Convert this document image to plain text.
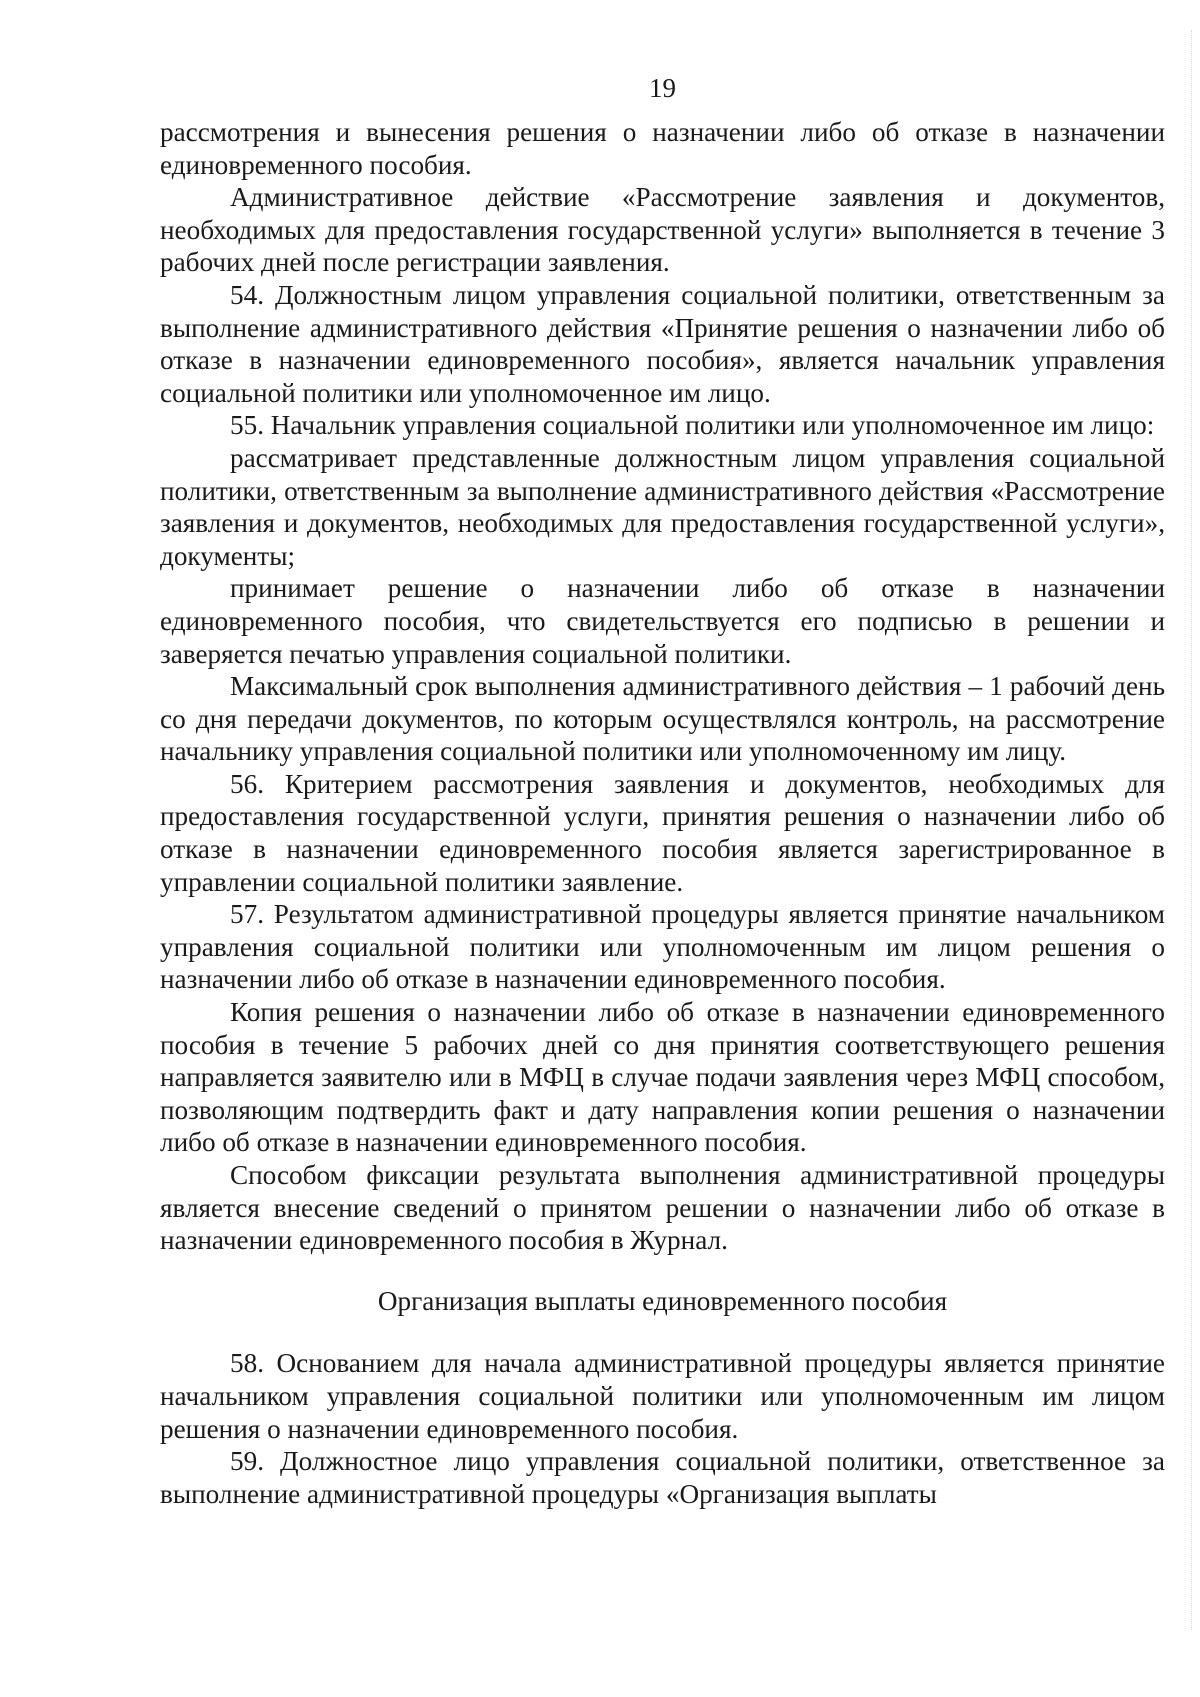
19

рассмотрения и вынесения решения о назначении либо об отказе в назначении единовременного пособия.

Административное действие «Рассмотрение заявления и документов, необходимых для предоставления государственной услуги» выполняется в течение 3 рабочих дней после регистрации заявления.

54. Должностным лицом управления социальной политики, ответственным за выполнение административного действия «Принятие решения о назначении либо об отказе в назначении единовременного пособия», является начальник управления социальной политики или уполномоченное им лицо.

55. Начальник управления социальной политики или уполномоченное им лицо:

рассматривает представленные должностным лицом управления социальной политики, ответственным за выполнение административного действия «Рассмотрение заявления и документов, необходимых для предоставления государственной услуги», документы;

принимает решение о назначении либо об отказе в назначении единовременного пособия, что свидетельствуется его подписью в решении и заверяется печатью управления социальной политики.

Максимальный срок выполнения административного действия – 1 рабочий день со дня передачи документов, по которым осуществлялся контроль, на рассмотрение начальнику управления социальной политики или уполномоченному им лицу.

56. Критерием рассмотрения заявления и документов, необходимых для предоставления государственной услуги, принятия решения о назначении либо об отказе в назначении единовременного пособия является зарегистрированное в управлении социальной политики заявление.

57. Результатом административной процедуры является принятие начальником управления социальной политики или уполномоченным им лицом решения о назначении либо об отказе в назначении единовременного пособия.

Копия решения о назначении либо об отказе в назначении единовременного пособия в течение 5 рабочих дней со дня принятия соответствующего решения направляется заявителю или в МФЦ в случае подачи заявления через МФЦ способом, позволяющим подтвердить факт и дату направления копии решения о назначении либо об отказе в назначении единовременного пособия.

Способом фиксации результата выполнения административной процедуры является внесение сведений о принятом решении о назначении либо об отказе в назначении единовременного пособия в Журнал.

Организация выплаты единовременного пособия

58. Основанием для начала административной процедуры является принятие начальником управления социальной политики или уполномоченным им лицом решения о назначении единовременного пособия.

59. Должностное лицо управления социальной политики, ответственное за выполнение административной процедуры «Организация выплаты
